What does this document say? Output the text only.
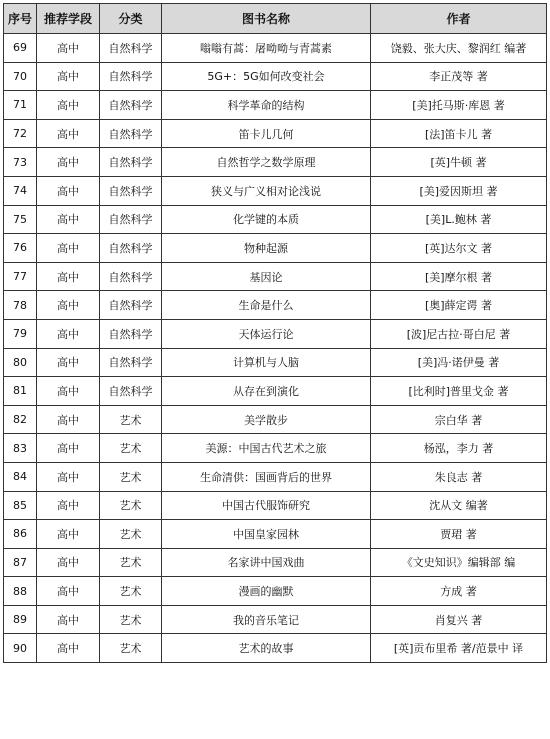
序号	推荐学段	分类	图书名称	作者
69	高中	自然科学	嗡嗡有蒿：屠呦呦与青蒿素	饶毅、张大庆、黎润红 编著
70	高中	自然科学	5G+：5G如何改变社会	李正茂等 著
71	高中	自然科学	科学革命的结构	[美]托马斯·库恩 著
72	高中	自然科学	笛卡儿几何	[法]笛卡儿 著
73	高中	自然科学	自然哲学之数学原理	[英]牛顿 著
74	高中	自然科学	狭义与广义相对论浅说	[美]爱因斯坦 著
75	高中	自然科学	化学键的本质	[美]L.鲍林 著
76	高中	自然科学	物种起源	[英]达尔文 著
77	高中	自然科学	基因论	[美]摩尔根 著
78	高中	自然科学	生命是什么	[奥]薛定谔 著
79	高中	自然科学	天体运行论	[波]尼古拉·哥白尼 著
80	高中	自然科学	计算机与人脑	[美]冯·诺伊曼 著
81	高中	自然科学	从存在到演化	[比利时]普里戈金 著
82	高中	艺术	美学散步	宗白华 著
83	高中	艺术	美源：中国古代艺术之旅	杨泓，李力 著
84	高中	艺术	生命清供：国画背后的世界	朱良志 著
85	高中	艺术	中国古代服饰研究	沈从文 编著
86	高中	艺术	中国皇家园林	贾珺 著
87	高中	艺术	名家讲中国戏曲	《文史知识》编辑部 编
88	高中	艺术	漫画的幽默	方成 著
89	高中	艺术	我的音乐笔记	肖复兴 著
90	高中	艺术	艺术的故事	[英]贡布里希 著/范景中 译
